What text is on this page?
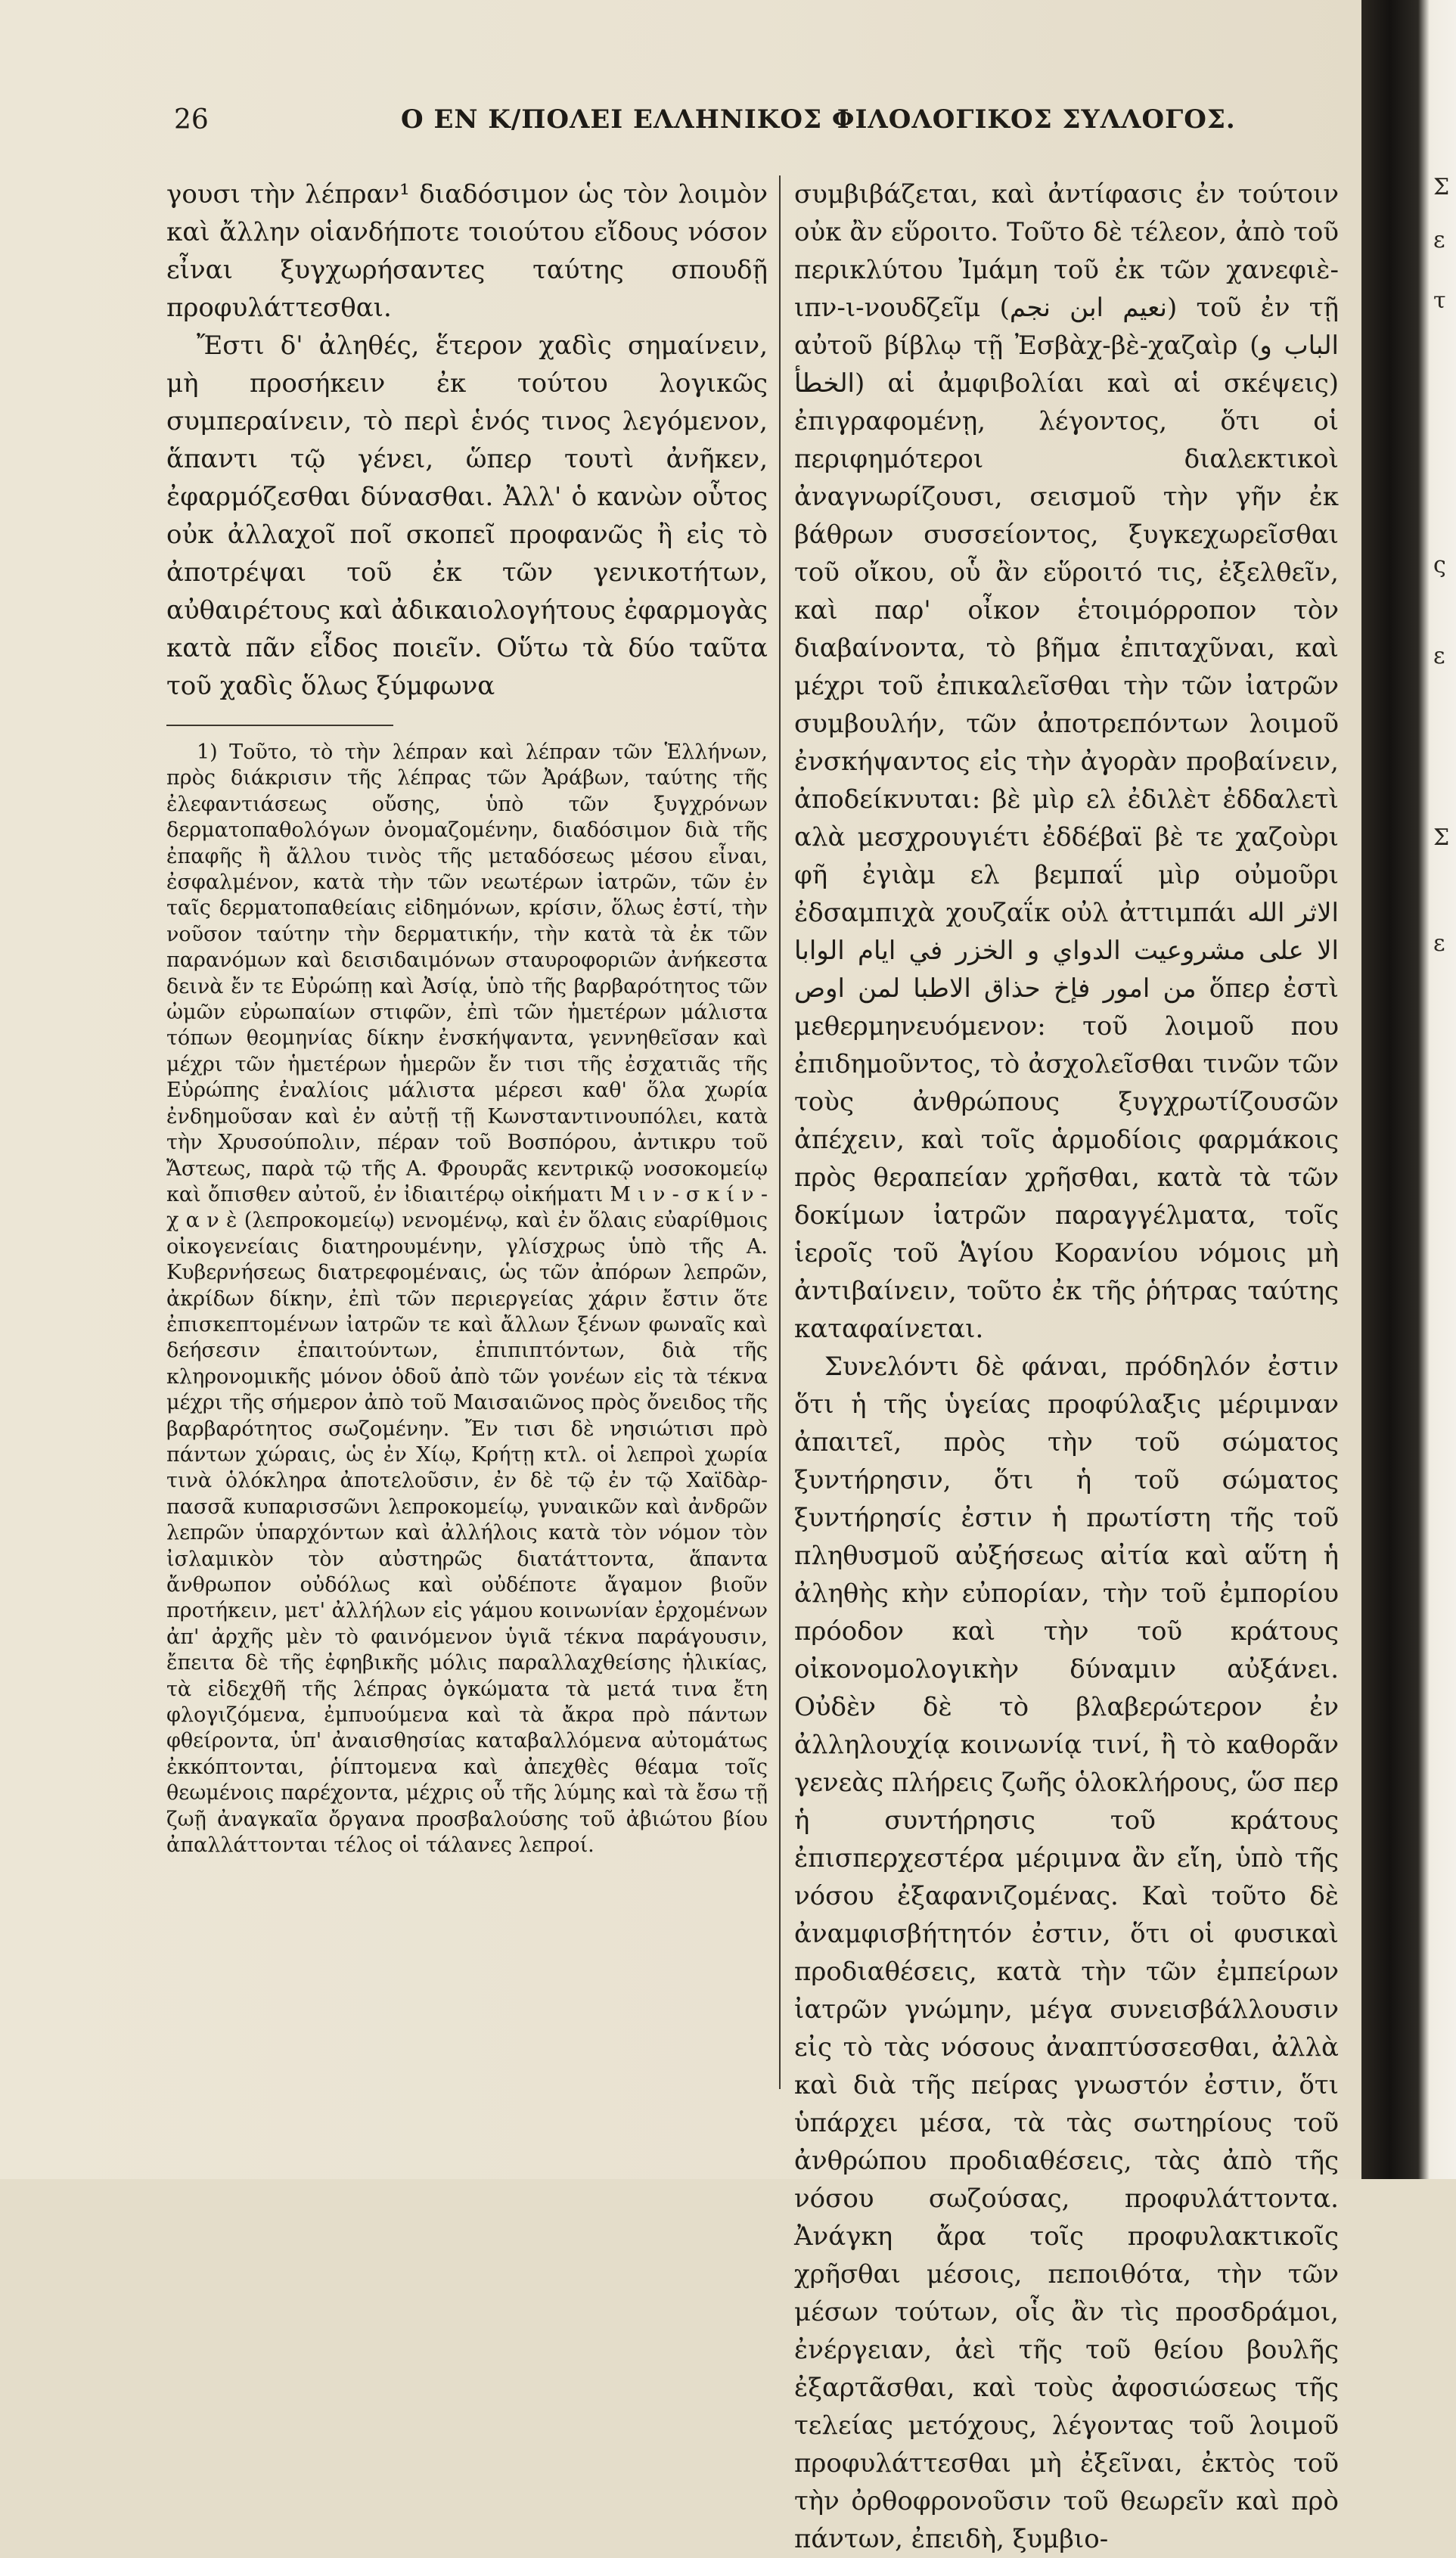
26	Ο ΕΝ Κ/ΠΟΛΕΙ ΕΛΛΗΝΙΚΟΣ ΦΙΛΟΛΟΓΙΚΟΣ ΣΥΛΛΟΓΟΣ.

γουσι τὴν λέπραν¹ διαδόσιμον ὡς τὸν λοιμὸν καὶ ἄλλην οἱανδήποτε τοιούτου εἴδους νόσον εἶναι ξυγχωρήσαντες ταύτης σπουδῇ προφυλάττεσθαι.

Ἔστι δ' ἀληθές, ἕτερον χαδὶς σημαίνειν, μὴ προσήκειν ἐκ τούτου λογικῶς συμπεραίνειν, τὸ περὶ ἑνός τινος λεγόμενον, ἅπαντι τῷ γένει, ὥπερ τουτὶ ἀνῆκεν, ἐφαρμόζεσθαι δύνασθαι. Ἀλλ' ὁ κανὼν οὗτος οὐκ ἀλλαχοῖ ποῖ σκοπεῖ προφανῶς ἢ εἰς τὸ ἀποτρέψαι τοῦ ἐκ τῶν γενικοτήτων, αὐθαιρέτους καὶ ἀδικαιολογήτους ἐφαρμογὰς κατὰ πᾶν εἶδος ποιεῖν. Οὕτω τὰ δύο ταῦτα τοῦ χαδὶς ὅλως ξύμφωνα

1) Τοῦτο, τὸ τὴν λέπραν καὶ λέπραν τῶν Ἑλλήνων, πρὸς διάκρισιν τῆς λέπρας τῶν Ἀράβων, ταύτης τῆς ἐλεφαντιάσεως οὔσης, ὑπὸ τῶν ξυγχρόνων δερματοπαθολόγων ὀνομαζομένην, διαδόσιμον διὰ τῆς ἐπαφῆς ἢ ἄλλου τινὸς τῆς μεταδόσεως μέσου εἶναι, ἐσφαλμένον, κατὰ τὴν τῶν νεωτέρων ἰατρῶν, τῶν ἐν ταῖς δερματοπαθείαις εἰδημόνων, κρίσιν, ὅλως ἐστί, τὴν νοῦσον ταύτην τὴν δερματικήν, τὴν κατὰ τὰ ἐκ τῶν παρανόμων καὶ δεισιδαιμόνων σταυροφοριῶν ἀνήκεστα δεινὰ ἔν τε Εὐρώπῃ καὶ Ἀσίᾳ, ὑπὸ τῆς βαρβαρότητος τῶν ὠμῶν εὐρωπαίων στιφῶν, ἐπὶ τῶν ἡμετέρων μάλιστα τόπων θεομηνίας δίκην ἐνσκήψαντα, γεννηθεῖσαν καὶ μέχρι τῶν ἡμετέρων ἡμερῶν ἔν τισι τῆς ἐσχατιᾶς τῆς Εὐρώπης ἐναλίοις μάλιστα μέρεσι καθ' ὅλα χωρία ἐνδημοῦσαν καὶ ἐν αὐτῇ τῇ Κωνσταντινουπόλει, κατὰ τὴν Χρυσούπολιν, πέραν τοῦ Βοσπόρου, ἀντικρυ τοῦ Ἄστεως, παρὰ τῷ τῆς Α. Φρουρᾶς κεντρικῷ νοσοκομείῳ καὶ ὄπισθεν αὐτοῦ, ἐν ἰδιαιτέρῳ οἰκήματι Μ ι ν - σ κ ί ν - χ α ν ὲ (λεπροκομείῳ) νενομένῳ, καὶ ἐν ὅλαις εὐαρίθμοις οἰκογενείαις διατηρουμένην, γλίσχρως ὑπὸ τῆς Α. Κυβερνήσεως διατρεφομέναις, ὡς τῶν ἀπόρων λεπρῶν, ἀκρίδων δίκην, ἐπὶ τῶν περιεργείας χάριν ἔστιν ὅτε ἐπισκεπτομένων ἰατρῶν τε καὶ ἄλλων ξένων φωναῖς καὶ δεήσεσιν ἐπαιτούντων, ἐπιπιπτόντων, διὰ τῆς κληρονομικῆς μόνον ὁδοῦ ἀπὸ τῶν γονέων εἰς τὰ τέκνα μέχρι τῆς σήμερον ἀπὸ τοῦ Μαισαιῶνος πρὸς ὄνειδος τῆς βαρβαρότητος σωζομένην. Ἔν τισι δὲ νησιώτισι πρὸ πάντων χώραις, ὡς ἐν Χίῳ, Κρήτῃ κτλ. οἱ λεπροὶ χωρία τινὰ ὁλόκληρα ἀποτελοῦσιν, ἐν δὲ τῷ ἐν τῷ Χαϊδὰρ-πασσᾶ κυπαρισσῶνι λεπροκομείῳ, γυναικῶν καὶ ἀνδρῶν λεπρῶν ὑπαρχόντων καὶ ἀλλήλοις κατὰ τὸν νόμον τὸν ἰσλαμικὸν τὸν αὐστηρῶς διατάττοντα, ἅπαντα ἄνθρωπον οὐδόλως καὶ οὐδέποτε ἄγαμον βιοῦν προτήκειν, μετ' ἀλλήλων εἰς γάμου κοινωνίαν ἐρχομένων ἀπ' ἀρχῆς μὲν τὸ φαινόμενον ὑγιᾶ τέκνα παράγουσιν, ἔπειτα δὲ τῆς ἐφηβικῆς μόλις παραλλαχθείσης ἡλικίας, τὰ εἰδεχθῆ τῆς λέπρας ὀγκώματα τὰ μετά τινα ἔτη φλογιζόμενα, ἐμπυούμενα καὶ τὰ ἄκρα πρὸ πάντων φθείροντα, ὑπ' ἀναισθησίας καταβαλλόμενα αὐτομάτως ἐκκόπτονται, ῥίπτομενα καὶ ἀπεχθὲς θέαμα τοῖς θεωμένοις παρέχοντα, μέχρις οὗ τῆς λύμης καὶ τὰ ἔσω τῇ ζωῇ ἀναγκαῖα ὄργανα προσβαλούσης τοῦ ἀβιώτου βίου ἀπαλλάττονται τέλος οἱ τάλανες λεπροί.

συμβιβάζεται, καὶ ἀντίφασις ἐν τούτοιν οὐκ ἂν εὕροιτο. Τοῦτο δὲ τέλεον, ἀπὸ τοῦ περικλύτου Ἰμάμη τοῦ ἐκ τῶν χανεφιὲ-ιπν-ι-νουδζεῖμ (نعيم ابن نجم) τοῦ ἐν τῇ αὐτοῦ βίβλῳ τῇ Ἐσβὰχ-βὲ-χαζαὶρ (الباب و الخطأ) αἱ ἀμφιβολίαι καὶ αἱ σκέψεις) ἐπιγραφομένῃ, λέγοντος, ὅτι οἱ περιφημότεροι διαλεκτικοὶ ἀναγνωρίζουσι, σεισμοῦ τὴν γῆν ἐκ βάθρων συσσείοντος, ξυγκεχωρεῖσθαι τοῦ οἴκου, οὗ ἂν εὕροιτό τις, ἐξελθεῖν, καὶ παρ' οἶκον ἑτοιμόρροπον τὸν διαβαίνοντα, τὸ βῆμα ἐπιταχῦναι, καὶ μέχρι τοῦ ἐπικαλεῖσθαι τὴν τῶν ἰατρῶν συμβουλήν, τῶν ἀποτρεπόντων λοιμοῦ ἐνσκήψαντος εἰς τὴν ἀγορὰν προβαίνειν, ἀποδείκνυται: βὲ μὶρ ελ ἐδιλὲτ ἐδδαλετὶ αλὰ μεσχρουγιέτι ἐδδέβαϊ βὲ τε χαζοὺρι φῆ ἐγιὰμ ελ βεμπαΐ μὶρ οὐμοῦρι ἐδσαμπιχὰ χουζαΐκ οὐλ ἀττιμπάι الاثر الله الا على مشروعيت الدواي و الخزر في ايام الوابا من امور فإخ حذاق الاطبا لمن اوص ὅπερ ἐστὶ μεθερμηνευόμενον: τοῦ λοιμοῦ που ἐπιδημοῦντος, τὸ ἀσχολεῖσθαι τινῶν τῶν τοὺς ἀνθρώπους ξυγχρωτίζουσῶν ἀπέχειν, καὶ τοῖς ἁρμοδίοις φαρμάκοις πρὸς θεραπείαν χρῆσθαι, κατὰ τὰ τῶν δοκίμων ἰατρῶν παραγγέλματα, τοῖς ἱεροῖς τοῦ Ἁγίου Κορανίου νόμοις μὴ ἀντιβαίνειν, τοῦτο ἐκ τῆς ῥήτρας ταύτης καταφαίνεται.

Συνελόντι δὲ φάναι, πρόδηλόν ἐστιν ὅτι ἡ τῆς ὑγείας προφύλαξις μέριμναν ἀπαιτεῖ, πρὸς τὴν τοῦ σώματος ξυντήρησιν, ὅτι ἡ τοῦ σώματος ξυντήρησίς ἐστιν ἡ πρωτίστη τῆς τοῦ πληθυσμοῦ αὐξήσεως αἰτία καὶ αὕτη ἡ ἀληθὴς κὴν εὐπορίαν, τὴν τοῦ ἐμπορίου πρόοδον καὶ τὴν τοῦ κράτους οἰκονομολογικὴν δύναμιν αὐξάνει. Οὐδὲν δὲ τὸ βλαβερώτερον ἐν ἀλληλουχίᾳ κοινωνίᾳ τινί, ἢ τὸ καθορᾶν γενεὰς πλήρεις ζωῆς ὁλοκλήρους, ὥσ περ ἡ συντήρησις τοῦ κράτους ἐπισπερχεστέρα μέριμνα ἂν εἴη, ὑπὸ τῆς νόσου ἐξαφανιζομένας. Καὶ τοῦτο δὲ ἀναμφισβήτητόν ἐστιν, ὅτι οἱ φυσικαὶ προδιαθέσεις, κατὰ τὴν τῶν ἐμπείρων ἰατρῶν γνώμην, μέγα συνεισβάλλουσιν εἰς τὸ τὰς νόσους ἀναπτύσσεσθαι, ἀλλὰ καὶ διὰ τῆς πείρας γνωστόν ἐστιν, ὅτι ὑπάρχει μέσα, τὰ τὰς σωτηρίους τοῦ ἀνθρώπου προδιαθέσεις, τὰς ἀπὸ τῆς νόσου σωζούσας, προφυλάττοντα. Ἀνάγκη ἄρα τοῖς προφυλακτικοῖς χρῆσθαι μέσοις, πεποιθότα, τὴν τῶν μέσων τούτων, οἷς ἂν τὶς προσδράμοι, ἐνέργειαν, ἀεὶ τῆς τοῦ θείου βουλῆς ἐξαρτᾶσθαι, καὶ τοὺς ἀφοσιώσεως τῆς τελείας μετόχους, λέγοντας τοῦ λοιμοῦ προφυλάττεσθαι μὴ ἐξεῖναι, ἐκτὸς τοῦ τὴν ὀρθοφρονοῦσιν τοῦ θεωρεῖν καὶ πρὸ πάντων, ἐπειδὴ, ξυμβιο-

Σ
ε
τ
ς
ε
Σ
ε
